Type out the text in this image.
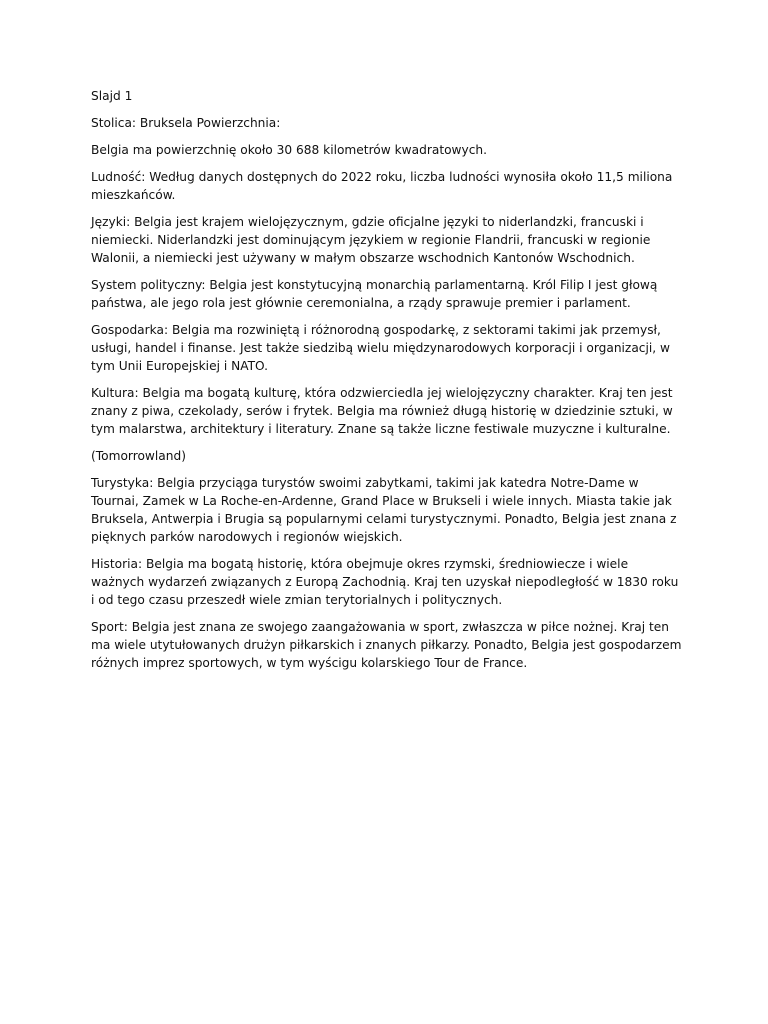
Slajd 1

Stolica: Bruksela Powierzchnia:

Belgia ma powierzchnię około 30 688 kilometrów kwadratowych.

Ludność: Według danych dostępnych do 2022 roku, liczba ludności wynosiła około 11,5 miliona mieszkańców.

Języki: Belgia jest krajem wielojęzycznym, gdzie oficjalne języki to niderlandzki, francuski i niemiecki. Niderlandzki jest dominującym językiem w regionie Flandrii, francuski w regionie Walonii, a niemiecki jest używany w małym obszarze wschodnich Kantonów Wschodnich.

System polityczny: Belgia jest konstytucyjną monarchią parlamentarną. Król Filip I jest głową państwa, ale jego rola jest głównie ceremonialna, a rządy sprawuje premier i parlament.

Gospodarka: Belgia ma rozwiniętą i różnorodną gospodarkę, z sektorami takimi jak przemysł, usługi, handel i finanse. Jest także siedzibą wielu międzynarodowych korporacji i organizacji, w tym Unii Europejskiej i NATO.

Kultura: Belgia ma bogatą kulturę, która odzwierciedla jej wielojęzyczny charakter. Kraj ten jest znany z piwa, czekolady, serów i frytek. Belgia ma również długą historię w dziedzinie sztuki, w tym malarstwa, architektury i literatury. Znane są także liczne festiwale muzyczne i kulturalne.

(Tomorrowland)

Turystyka: Belgia przyciąga turystów swoimi zabytkami, takimi jak katedra Notre-Dame w Tournai, Zamek w La Roche-en-Ardenne, Grand Place w Brukseli i wiele innych. Miasta takie jak Bruksela, Antwerpia i Brugia są popularnymi celami turystycznymi. Ponadto, Belgia jest znana z pięknych parków narodowych i regionów wiejskich.

Historia: Belgia ma bogatą historię, która obejmuje okres rzymski, średniowiecze i wiele ważnych wydarzeń związanych z Europą Zachodnią. Kraj ten uzyskał niepodległość w 1830 roku i od tego czasu przeszedł wiele zmian terytorialnych i politycznych.

Sport: Belgia jest znana ze swojego zaangażowania w sport, zwłaszcza w piłce nożnej. Kraj ten ma wiele utytułowanych drużyn piłkarskich i znanych piłkarzy. Ponadto, Belgia jest gospodarzem różnych imprez sportowych, w tym wyścigu kolarskiego Tour de France.
